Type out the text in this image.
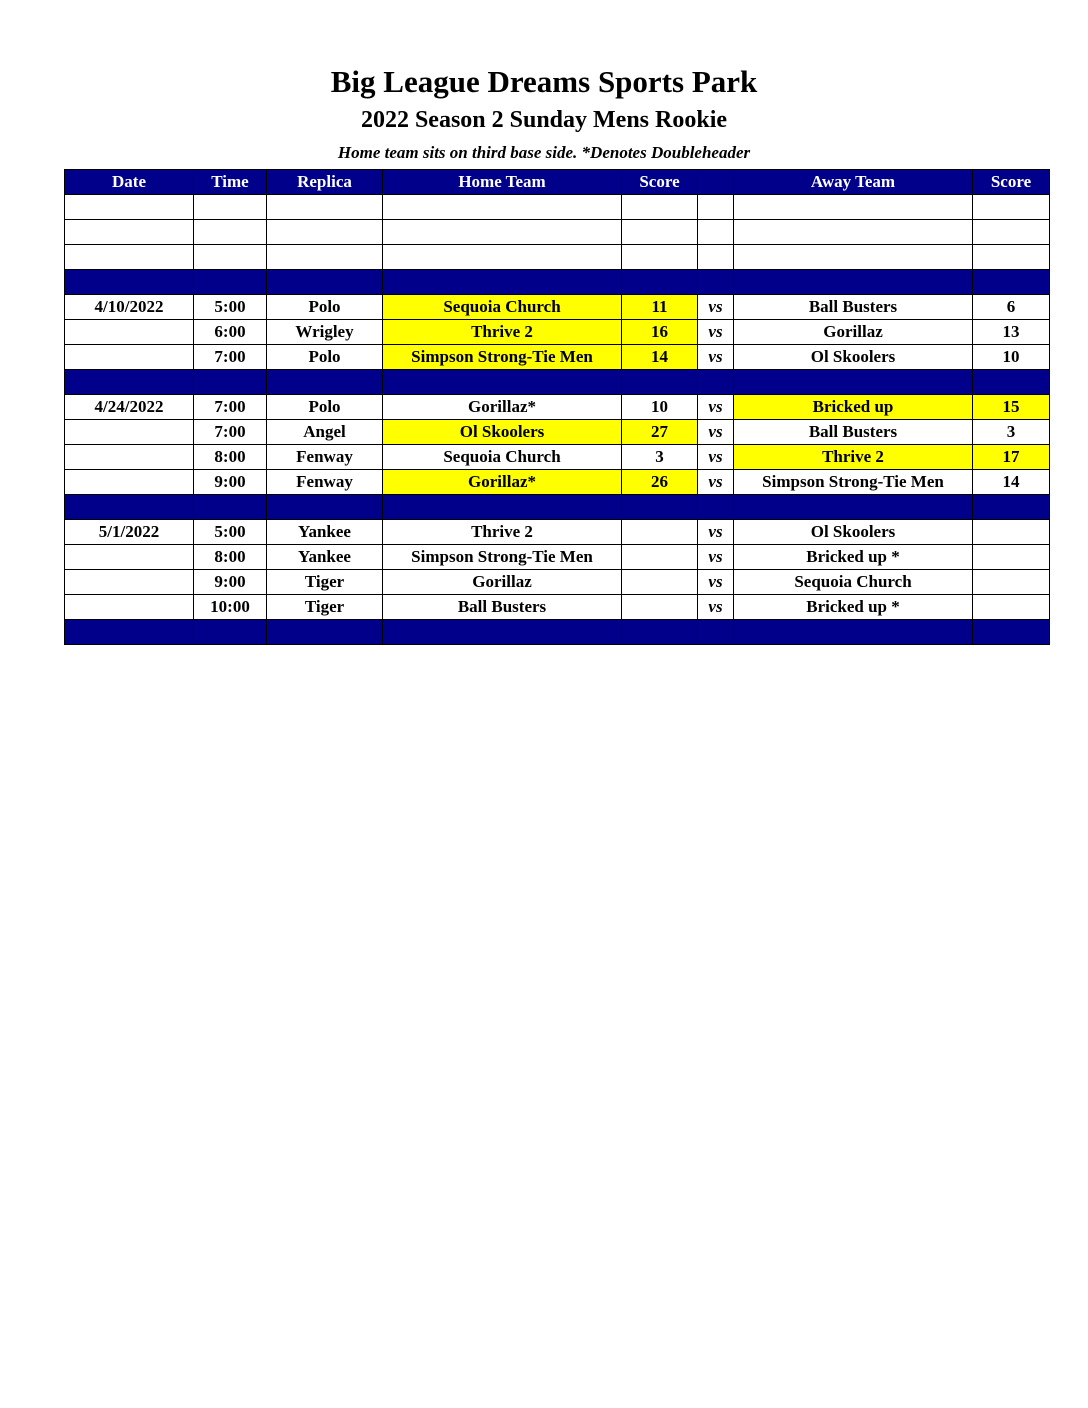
Big League Dreams Sports Park
2022 Season 2 Sunday Mens Rookie
Home team sits on third base side. *Denotes Doubleheader
Date	Time	Replica	Home Team	Score		Away Team	Score

4/10/2022	5:00	Polo	Sequoia Church	11	vs	Ball Busters	6
	6:00	Wrigley	Thrive 2	16	vs	Gorillaz	13
	7:00	Polo	Simpson Strong-Tie Men	14	vs	Ol Skoolers	10

4/24/2022	7:00	Polo	Gorillaz*	10	vs	Bricked up	15
	7:00	Angel	Ol Skoolers	27	vs	Ball Busters	3
	8:00	Fenway	Sequoia Church	3	vs	Thrive 2	17
	9:00	Fenway	Gorillaz*	26	vs	Simpson Strong-Tie Men	14

5/1/2022	5:00	Yankee	Thrive 2		vs	Ol Skoolers	
	8:00	Yankee	Simpson Strong-Tie Men		vs	Bricked up *	
	9:00	Tiger	Gorillaz		vs	Sequoia Church	
	10:00	Tiger	Ball Busters		vs	Bricked up *	
